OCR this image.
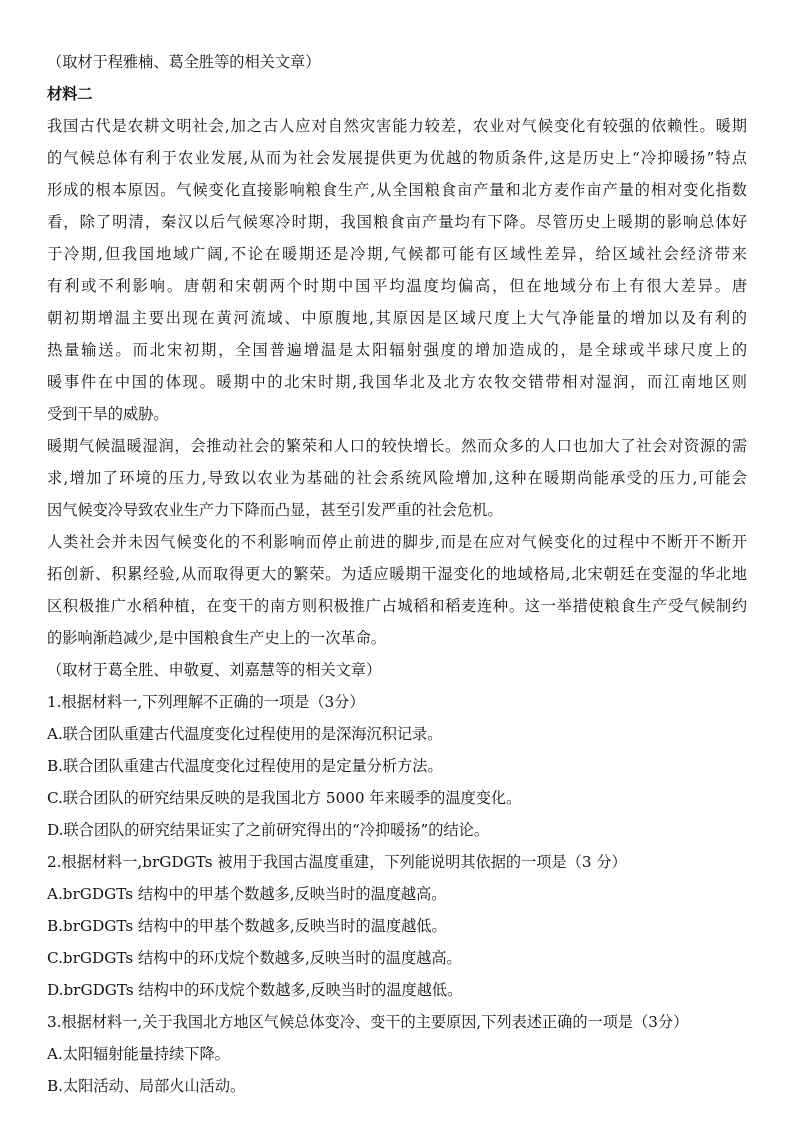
（取材于程雅楠、葛全胜等的相关文章）
材料二
我国古代是农耕文明社会,加之古人应对自然灾害能力较差，农业对气候变化有较强的依赖性。暖期
的气候总体有利于农业发展,从而为社会发展提供更为优越的物质条件,这是历史上“冷抑暖扬”特点
形成的根本原因。气候变化直接影响粮食生产,从全国粮食亩产量和北方麦作亩产量的相对变化指数
看，除了明清，秦汉以后气候寒冷时期，我国粮食亩产量均有下降。尽管历史上暖期的影响总体好
于冷期,但我国地域广阔,不论在暖期还是冷期,气候都可能有区域性差异，给区域社会经济带来
有利或不利影响。唐朝和宋朝两个时期中国平均温度均偏高，但在地域分布上有很大差异。唐
朝初期增温主要出现在黄河流域、中原腹地,其原因是区域尺度上大气净能量的增加以及有利的
热量输送。而北宋初期，全国普遍增温是太阳辐射强度的增加造成的，是全球或半球尺度上的
暖事件在中国的体现。暖期中的北宋时期,我国华北及北方农牧交错带相对湿润，而江南地区则
受到干旱的威胁。
暖期气候温暖湿润，会推动社会的繁荣和人口的较快增长。然而众多的人口也加大了社会对资源的需
求,增加了环境的压力,导致以农业为基础的社会系统风险增加,这种在暖期尚能承受的压力,可能会
因气候变冷导致农业生产力下降而凸显，甚至引发严重的社会危机。
人类社会并未因气候变化的不利影响而停止前进的脚步,而是在应对气候变化的过程中不断开不断开
拓创新、积累经验,从而取得更大的繁荣。为适应暖期干湿变化的地域格局,北宋朝廷在变湿的华北地
区积极推广水稻种植，在变干的南方则积极推广占城稻和稻麦连种。这一举措使粮食生产受气候制约
的影响渐趋减少,是中国粮食生产史上的一次革命。
（取材于葛全胜、申敬夏、刘嘉慧等的相关文章）
1.根据材料一,下列理解不正确的一项是（3分）
A.联合团队重建古代温度变化过程使用的是深海沉积记录。
B.联合团队重建古代温度变化过程使用的是定量分析方法。
C.联合团队的研究结果反映的是我国北方 5000 年来暖季的温度变化。
D.联合团队的研究结果证实了之前研究得出的“冷抑暖扬”的结论。
2.根据材料一,brGDGTs 被用于我国古温度重建，下列能说明其依据的一项是（3 分）
A.brGDGTs 结构中的甲基个数越多,反映当时的温度越高。
B.brGDGTs 结构中的甲基个数越多,反映当时的温度越低。
C.brGDGTs 结构中的环戊烷个数越多,反映当时的温度越高。
D.brGDGTs 结构中的环戊烷个数越多,反映当时的温度越低。
3.根据材料一,关于我国北方地区气候总体变冷、变干的主要原因,下列表述正确的一项是（3分）
A.太阳辐射能量持续下降。
B.太阳活动、局部火山活动。
